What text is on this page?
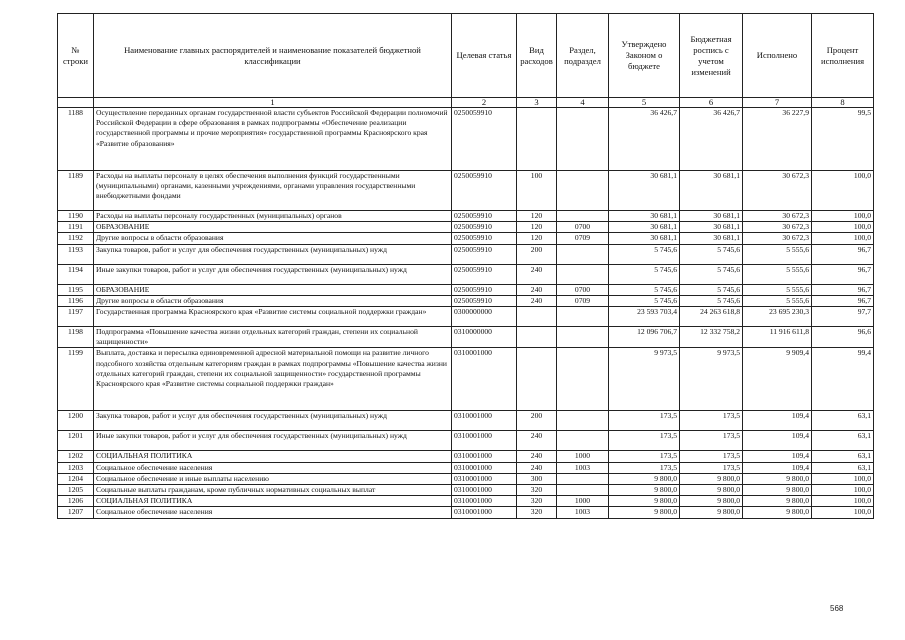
№ строки	Наименование главных распорядителей и наименование показателей бюджетной классификации	Целевая статья	Вид расходов	Раздел, подраздел	Утверждено Законом о бюджете	Бюджетная роспись с учетом изменений	Исполнено	Процент исполнения
	1	2	3	4	5	6	7	8
1188	Осуществление переданных органам государственной власти субъектов Российской Федерации полномочий Российской Федерации в сфере образования в рамках подпрограммы «Обеспечение реализации государственной программы и прочие мероприятия» государственной программы Красноярского края «Развитие образования»	0250059910			36 426,7	36 426,7	36 227,9	99,5
1189	Расходы на выплаты персоналу в целях обеспечения выполнения функций государственными (муниципальными) органами, казенными учреждениями, органами управления государственными внебюджетными фондами	0250059910	100		30 681,1	30 681,1	30 672,3	100,0
1190	Расходы на выплаты персоналу государственных (муниципальных) органов	0250059910	120		30 681,1	30 681,1	30 672,3	100,0
1191	ОБРАЗОВАНИЕ	0250059910	120	0700	30 681,1	30 681,1	30 672,3	100,0
1192	Другие вопросы в области образования	0250059910	120	0709	30 681,1	30 681,1	30 672,3	100,0
1193	Закупка товаров, работ и услуг для обеспечения государственных (муниципальных) нужд	0250059910	200		5 745,6	5 745,6	5 555,6	96,7
1194	Иные закупки товаров, работ и услуг для обеспечения государственных (муниципальных) нужд	0250059910	240		5 745,6	5 745,6	5 555,6	96,7
1195	ОБРАЗОВАНИЕ	0250059910	240	0700	5 745,6	5 745,6	5 555,6	96,7
1196	Другие вопросы в области образования	0250059910	240	0709	5 745,6	5 745,6	5 555,6	96,7
1197	Государственная программа Красноярского края «Развитие системы социальной поддержки граждан»	0300000000			23 593 703,4	24 263 618,8	23 695 230,3	97,7
1198	Подпрограмма «Повышение качества жизни отдельных категорий граждан, степени их социальной защищенности»	0310000000			12 096 706,7	12 332 758,2	11 916 611,8	96,6
1199	Выплата, доставка и пересылка единовременной адресной материальной помощи на развитие личного подсобного хозяйства отдельным категориям граждан в рамках подпрограммы «Повышение качества жизни отдельных категорий граждан, степени их социальной защищенности» государственной программы Красноярского края «Развитие системы социальной поддержки граждан»	0310001000			9 973,5	9 973,5	9 909,4	99,4
1200	Закупка товаров, работ и услуг для обеспечения государственных (муниципальных) нужд	0310001000	200		173,5	173,5	109,4	63,1
1201	Иные закупки товаров, работ и услуг для обеспечения государственных (муниципальных) нужд	0310001000	240		173,5	173,5	109,4	63,1
1202	СОЦИАЛЬНАЯ ПОЛИТИКА	0310001000	240	1000	173,5	173,5	109,4	63,1
1203	Социальное обеспечение населения	0310001000	240	1003	173,5	173,5	109,4	63,1
1204	Социальное обеспечение и иные выплаты населению	0310001000	300		9 800,0	9 800,0	9 800,0	100,0
1205	Социальные выплаты гражданам, кроме публичных нормативных социальных выплат	0310001000	320		9 800,0	9 800,0	9 800,0	100,0
1206	СОЦИАЛЬНАЯ ПОЛИТИКА	0310001000	320	1000	9 800,0	9 800,0	9 800,0	100,0
1207	Социальное обеспечение населения	0310001000	320	1003	9 800,0	9 800,0	9 800,0	100,0
568
